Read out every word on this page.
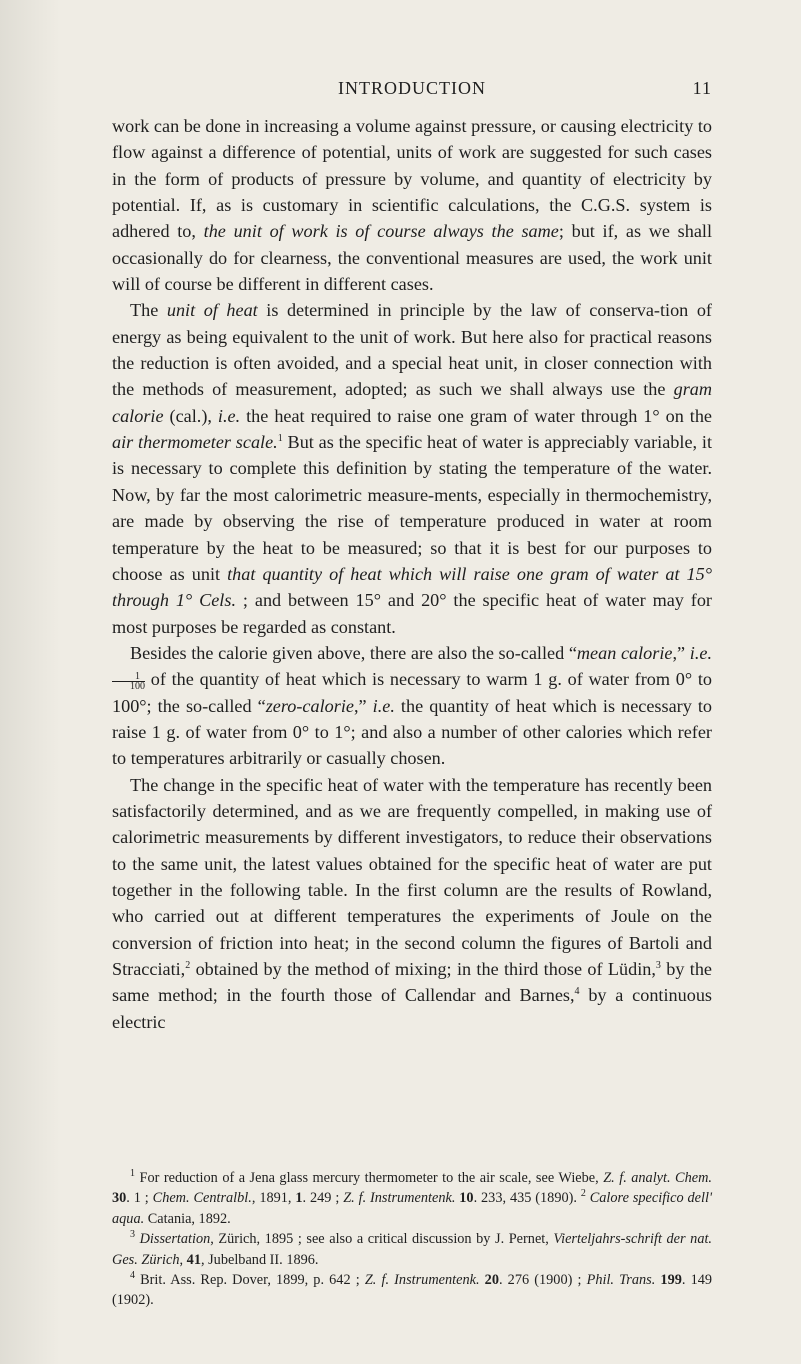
INTRODUCTION	11

work can be done in increasing a volume against pressure, or causing electricity to flow against a difference of potential, units of work are suggested for such cases in the form of products of pressure by volume, and quantity of electricity by potential. If, as is customary in scientific calculations, the C.G.S. system is adhered to, the unit of work is of course always the same; but if, as we shall occasionally do for clearness, the conventional measures are used, the work unit will of course be different in different cases.

The unit of heat is determined in principle by the law of conserva-tion of energy as being equivalent to the unit of work. But here also for practical reasons the reduction is often avoided, and a special heat unit, in closer connection with the methods of measurement, adopted; as such we shall always use the gram calorie (cal.), i.e. the heat required to raise one gram of water through 1° on the air thermometer scale.$^1$ But as the specific heat of water is appreciably variable, it is necessary to complete this definition by stating the temperature of the water. Now, by far the most calorimetric measure-ments, especially in thermochemistry, are made by observing the rise of temperature produced in water at room temperature by the heat to be measured; so that it is best for our purposes to choose as unit that quantity of heat which will raise one gram of water at 15° through 1° Cels. ; and between 15° and 20° the specific heat of water may for most purposes be regarded as constant.

Besides the calorie given above, there are also the so-called “mean calorie,” i.e.
$\frac{1}{100}$ of the quantity of heat which is necessary to warm 1 g. of water from 0° to 100°; the so-called “zero-calorie,” i.e. the quantity of heat which is necessary to raise 1 g. of water from 0° to 1°; and also a number of other calories which refer to temperatures arbitrarily or casually chosen.

The change in the specific heat of water with the temperature has recently been satisfactorily determined, and as we are frequently compelled, in making use of calorimetric measurements by different investigators, to reduce their observations to the same unit, the latest values obtained for the specific heat of water are put together in the following table. In the first column are the results of Rowland, who carried out at different temperatures the experiments of Joule on the conversion of friction into heat; in the second column the figures of Bartoli and Stracciati,$^2$ obtained by the method of mixing; in the third those of Lüdin,$^3$ by the same method; in the fourth those of Callendar and Barnes,$^4$ by a continuous electric

$^1$ For reduction of a Jena glass mercury thermometer to the air scale, see Wiebe, Z. f. analyt. Chem. 30. 1 ; Chem. Centralbl., 1891, 1. 249 ; Z. f. Instrumentenk. 10. 233, 435 (1890). $^2$ Calore specifico dell' aqua. Catania, 1892.

$^3$ Dissertation, Zürich, 1895 ; see also a critical discussion by J. Pernet, Vierteljahrs-schrift der nat. Ges. Zürich, 41, Jubelband II. 1896.

$^4$ Brit. Ass. Rep. Dover, 1899, p. 642 ; Z. f. Instrumentenk. 20. 276 (1900) ; Phil. Trans. 199. 149 (1902).
